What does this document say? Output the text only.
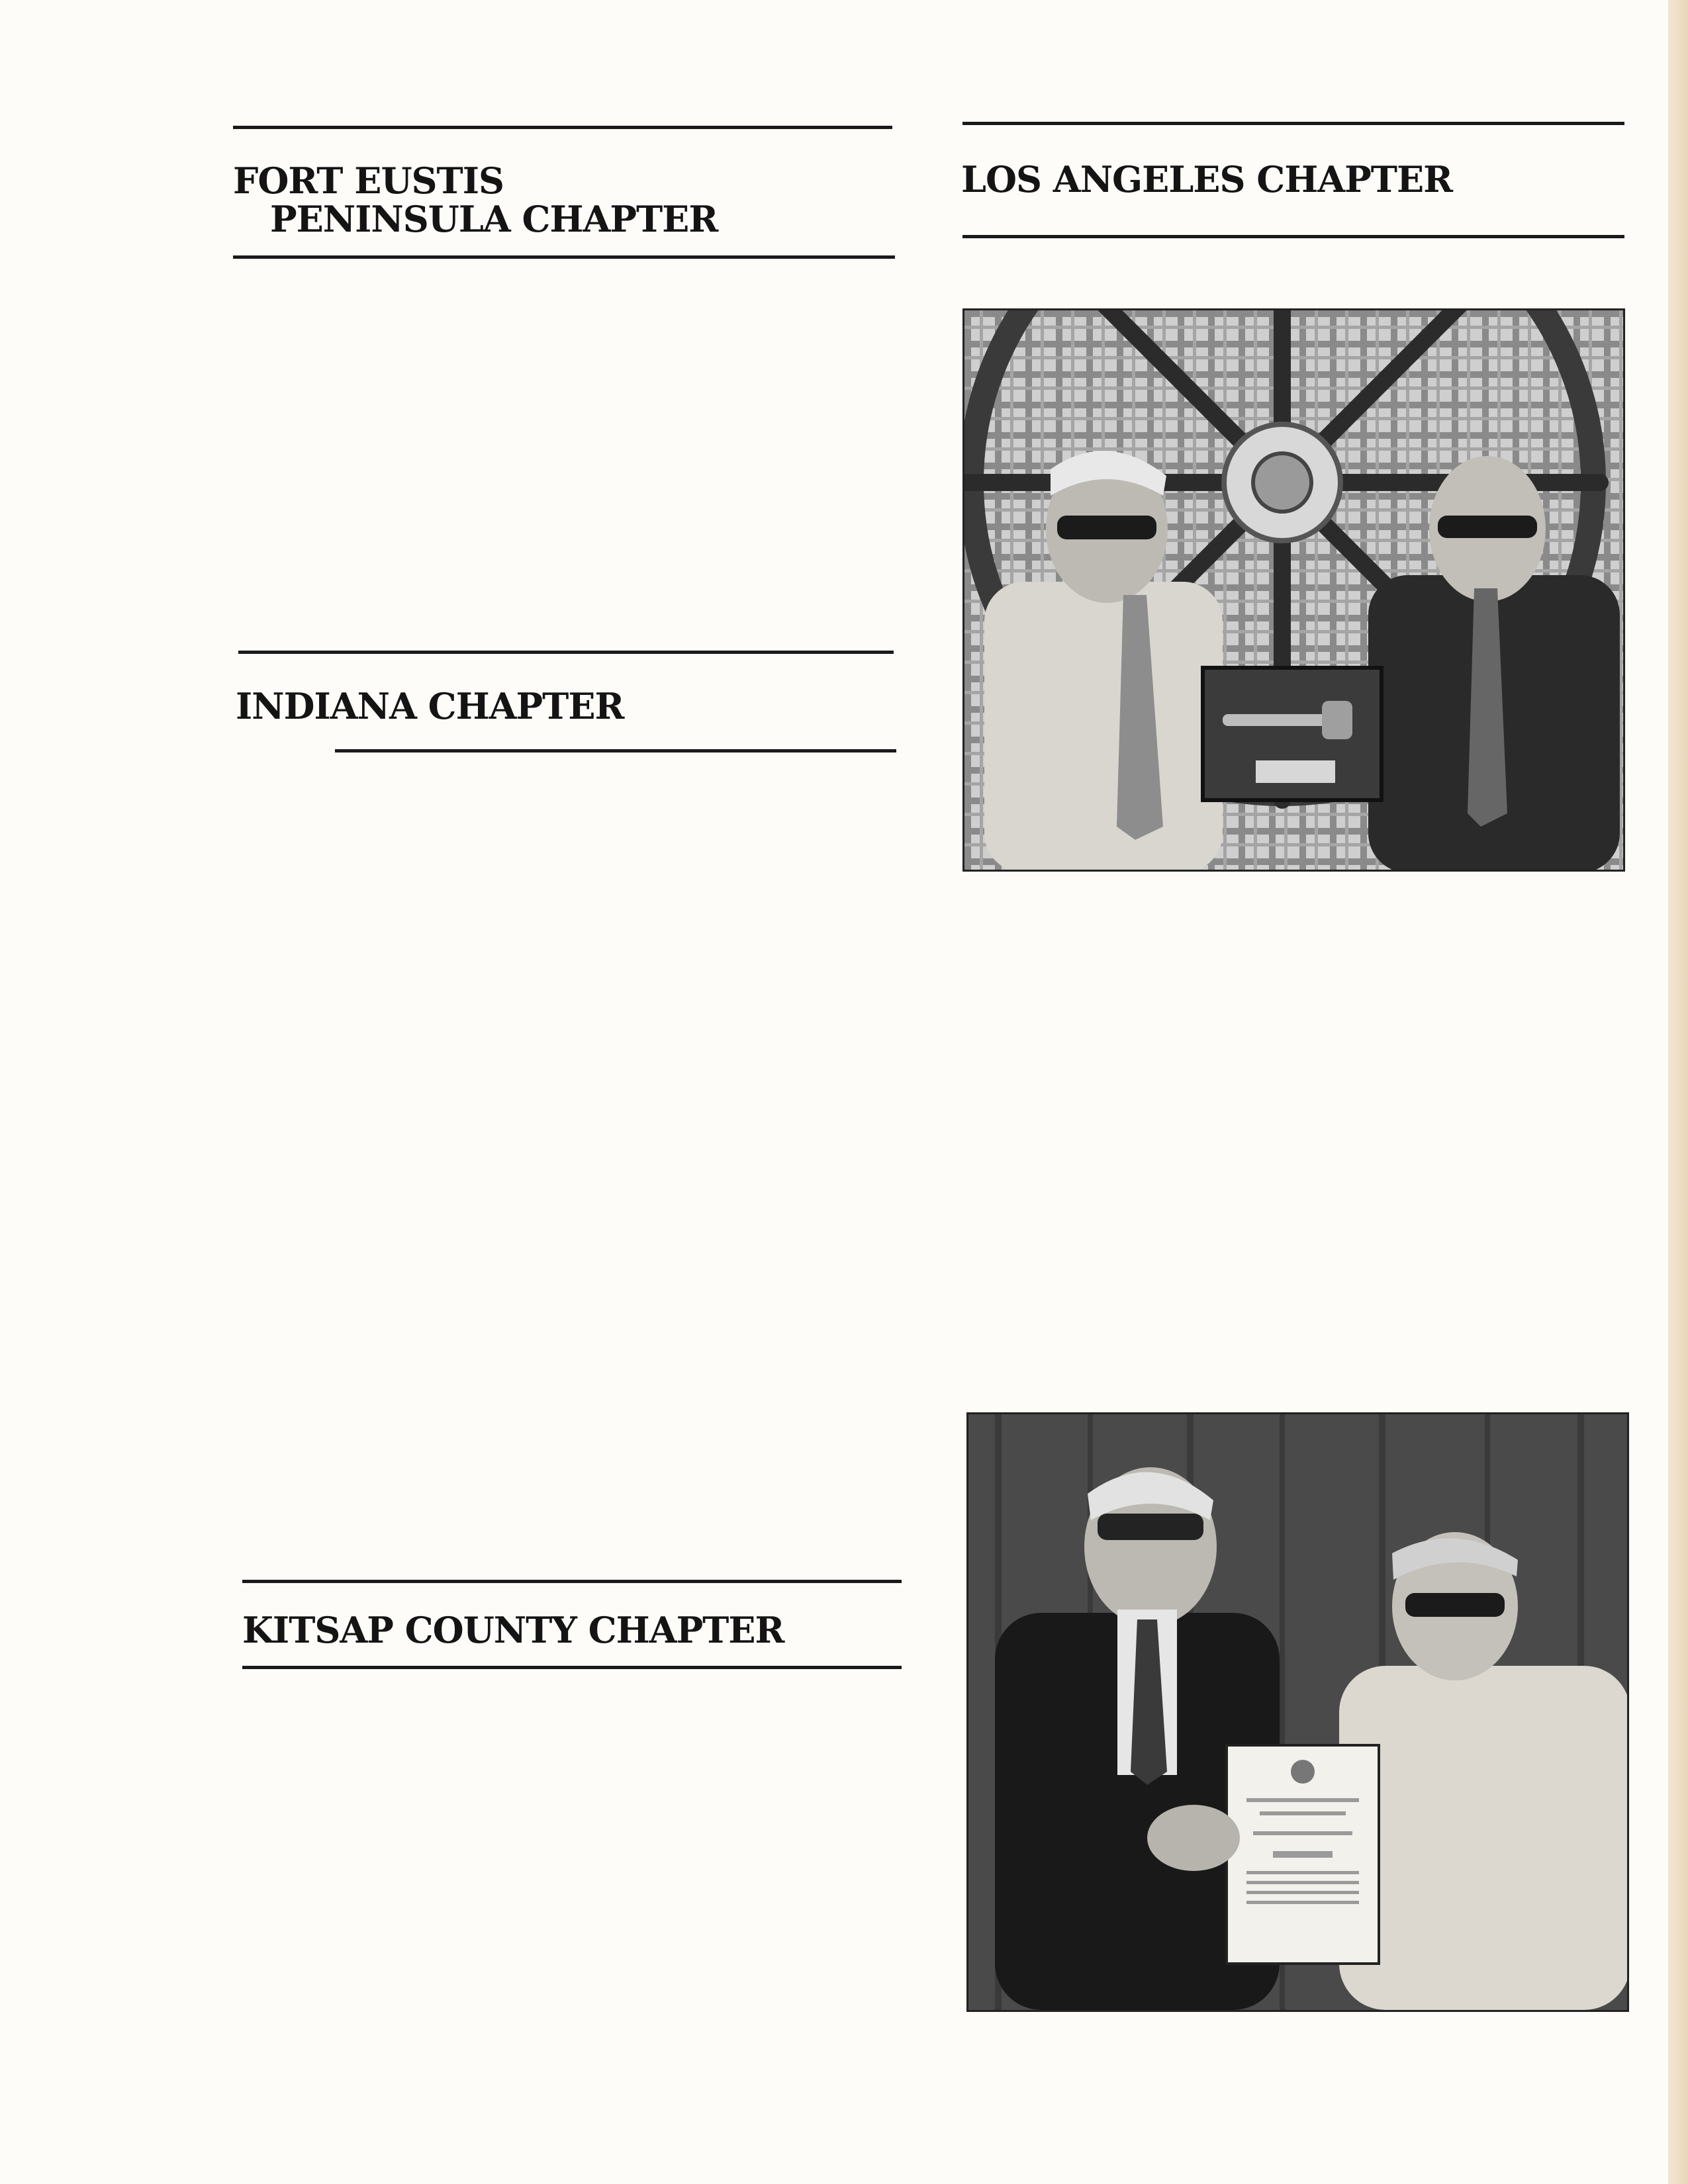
FORT EUSTIS
PENINSULA CHAPTER
INDIANA CHAPTER
KITSAP COUNTY CHAPTER
LOS ANGELES CHAPTER
